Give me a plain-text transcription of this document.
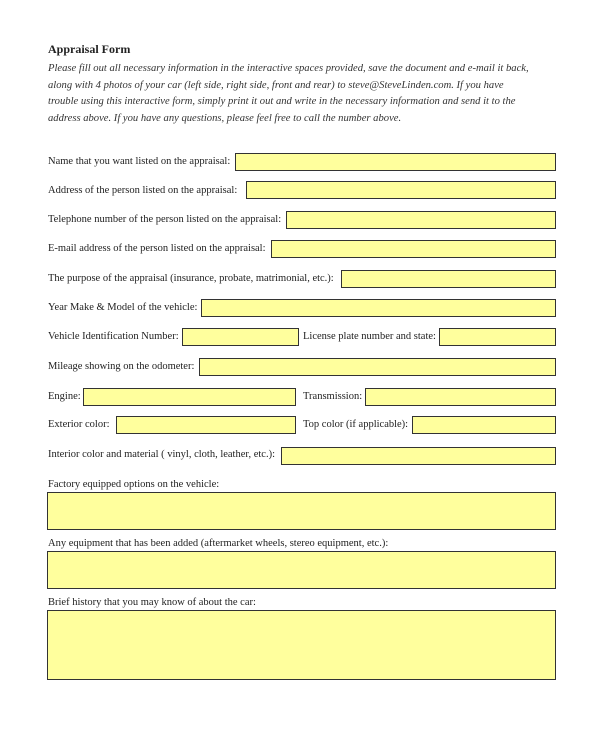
Appraisal Form
Please fill out all necessary information in the interactive spaces provided, save the document and e-mail it back,
along with 4 photos of your car (left side, right side, front and rear) to steve@SteveLinden.com. If you have
trouble using this interactive form, simply print it out and write in the necessary information and send it to the
address above. If you have any questions, please feel free to call the number above.
Name that you want listed on the appraisal:
Address of the person listed on the appraisal:
Telephone number of the person listed on the appraisal:
E-mail address of the person listed on the appraisal:
The purpose of the appraisal (insurance, probate, matrimonial, etc.):
Year Make & Model of the vehicle:
Vehicle Identification Number:	License plate number and state:
Mileage showing on the odometer:
Engine:	Transmission:
Exterior color:	Top color (if applicable):
Interior color and material ( vinyl, cloth, leather, etc.):
Factory equipped options on the vehicle:
Any equipment that has been added (aftermarket wheels, stereo equipment, etc.):
Brief history that you may know of about the car:
